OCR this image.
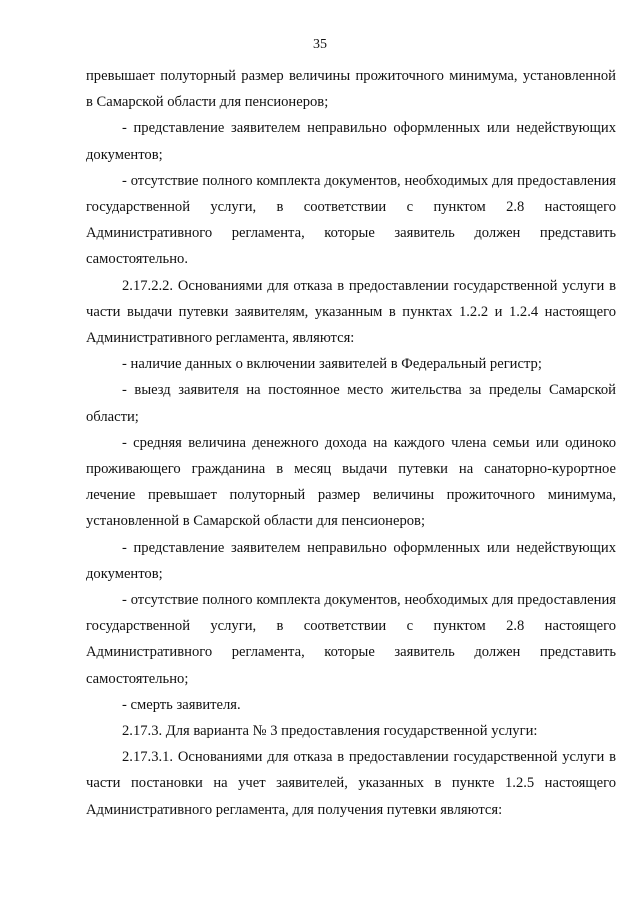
35

превышает полуторный размер величины прожиточного минимума, установленной в Самарской области для пенсионеров;

- представление заявителем неправильно оформленных или недействующих документов;

- отсутствие полного комплекта документов, необходимых для предоставления государственной услуги, в соответствии с пунктом 2.8 настоящего Административного регламента, которые заявитель должен представить самостоятельно.

2.17.2.2. Основаниями для отказа в предоставлении государственной услуги в части выдачи путевки заявителям, указанным в пунктах 1.2.2 и 1.2.4 настоящего Административного регламента, являются:

- наличие данных о включении заявителей в Федеральный регистр;

- выезд заявителя на постоянное место жительства за пределы Самарской области;

- средняя величина денежного дохода на каждого члена семьи или одиноко проживающего гражданина в месяц выдачи путевки на санаторно-курортное лечение превышает полуторный размер величины прожиточного минимума, установленной в Самарской области для пенсионеров;

- представление заявителем неправильно оформленных или недействующих документов;

- отсутствие полного комплекта документов, необходимых для предоставления государственной услуги, в соответствии с пунктом 2.8 настоящего Административного регламента, которые заявитель должен представить самостоятельно;

- смерть заявителя.

2.17.3. Для варианта № 3 предоставления государственной услуги:

2.17.3.1. Основаниями для отказа в предоставлении государственной услуги в части постановки на учет заявителей, указанных в пункте 1.2.5 настоящего Административного регламента, для получения путевки являются:
